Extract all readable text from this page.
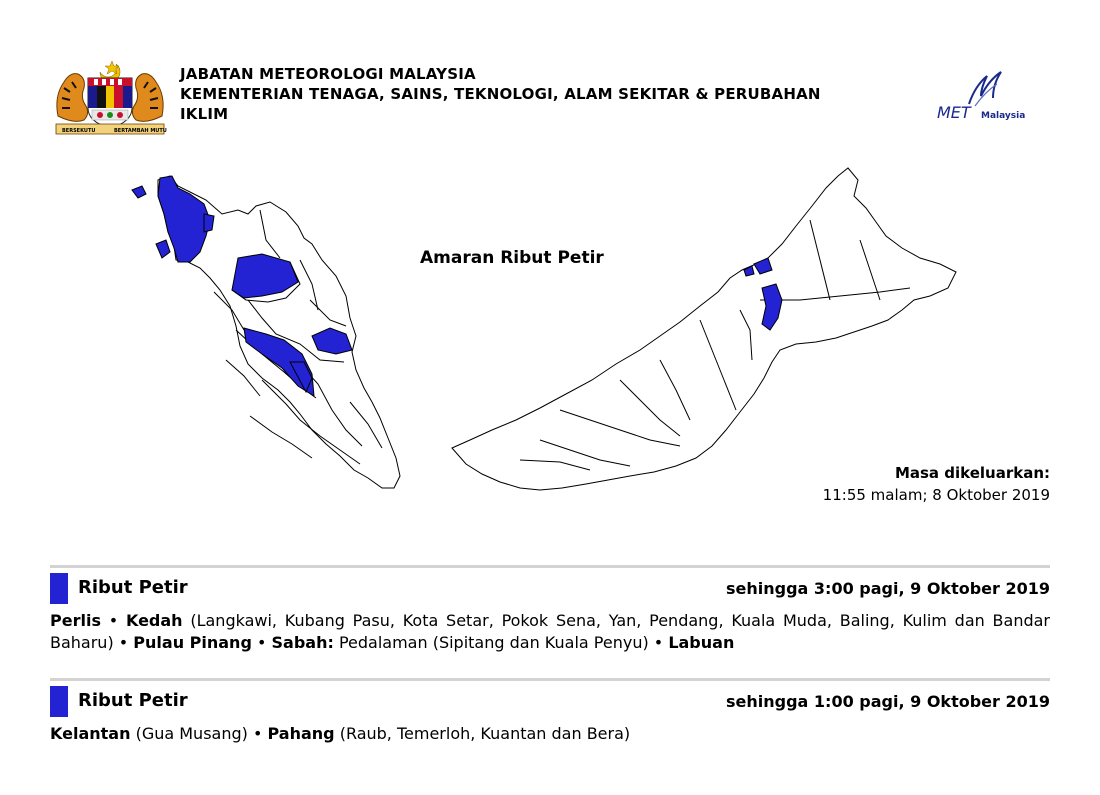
BERSEKUTU	BERTAMBAH MUTU
JABATAN METEOROLOGI MALAYSIA
KEMENTERIAN TENAGA, SAINS, TEKNOLOGI, ALAM SEKITAR & PERUBAHAN
IKLIM	MET Malaysia
Amaran Ribut Petir
Masa dikeluarkan:
11:55 malam; 8 Oktober 2019
Ribut Petir	sehingga 3:00 pagi, 9 Oktober 2019
Perlis • Kedah (Langkawi, Kubang Pasu, Kota Setar, Pokok Sena, Yan, Pendang, Kuala Muda, Baling, Kulim dan Bandar Baharu) • Pulau Pinang • Sabah: Pedalaman (Sipitang dan Kuala Penyu) • Labuan
Ribut Petir	sehingga 1:00 pagi, 9 Oktober 2019
Kelantan (Gua Musang) • Pahang (Raub, Temerloh, Kuantan dan Bera)
